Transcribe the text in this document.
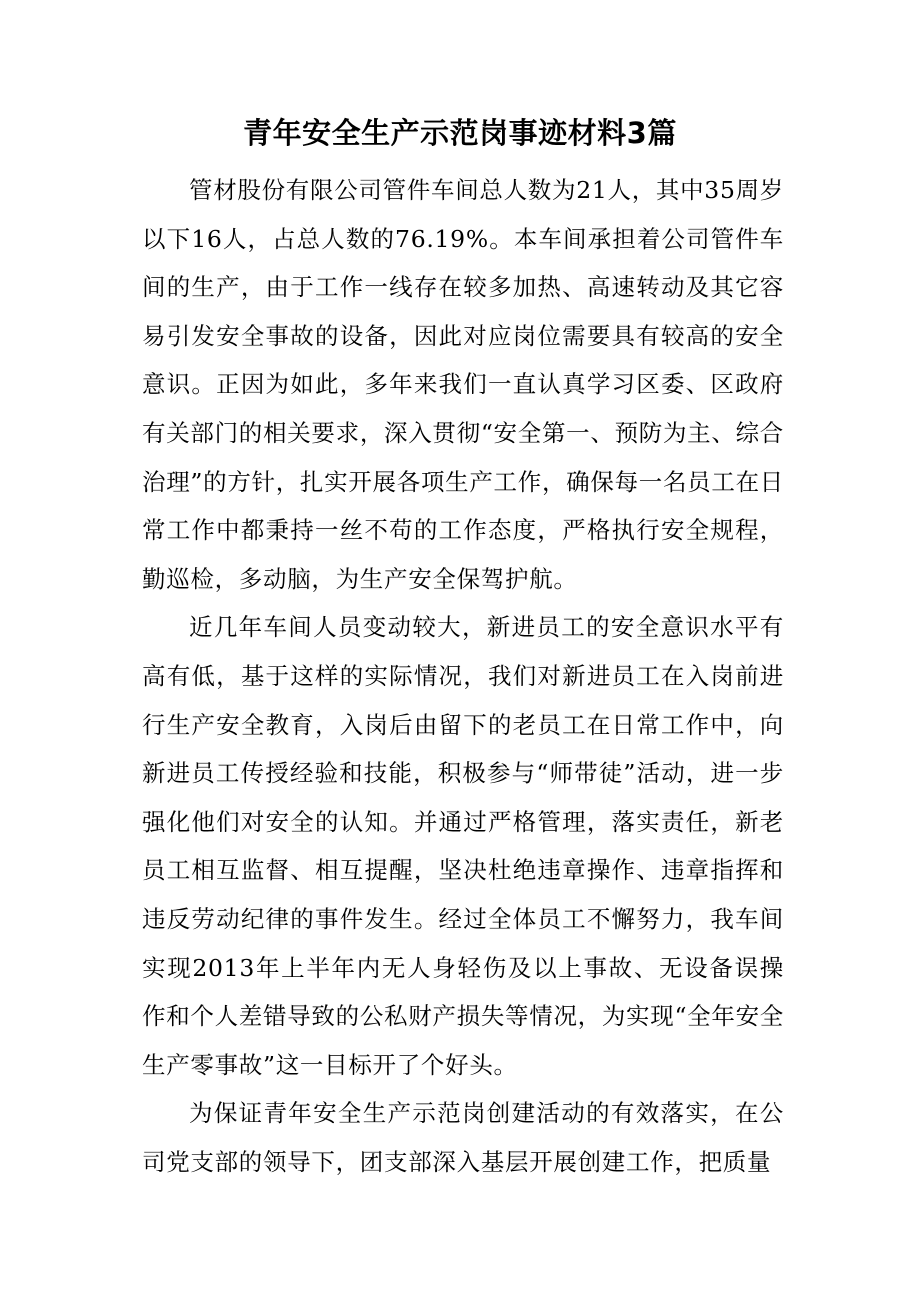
青年安全生产示范岗事迹材料3篇

管材股份有限公司管件车间总人数为21人，其中35周岁以下16人，占总人数的76.19%。本车间承担着公司管件车间的生产，由于工作一线存在较多加热、高速转动及其它容易引发安全事故的设备，因此对应岗位需要具有较高的安全意识。正因为如此，多年来我们一直认真学习区委、区政府有关部门的相关要求，深入贯彻“安全第一、预防为主、综合治理”的方针，扎实开展各项生产工作，确保每一名员工在日常工作中都秉持一丝不苟的工作态度，严格执行安全规程，勤巡检，多动脑，为生产安全保驾护航。

近几年车间人员变动较大，新进员工的安全意识水平有高有低，基于这样的实际情况，我们对新进员工在入岗前进行生产安全教育，入岗后由留下的老员工在日常工作中，向新进员工传授经验和技能，积极参与“师带徒”活动，进一步强化他们对安全的认知。并通过严格管理，落实责任，新老员工相互监督、相互提醒，坚决杜绝违章操作、违章指挥和违反劳动纪律的事件发生。经过全体员工不懈努力，我车间实现2013年上半年内无人身轻伤及以上事故、无设备误操作和个人差错导致的公私财产损失等情况，为实现“全年安全生产零事故”这一目标开了个好头。

为保证青年安全生产示范岗创建活动的有效落实，在公司党支部的领导下，团支部深入基层开展创建工作，把质量
